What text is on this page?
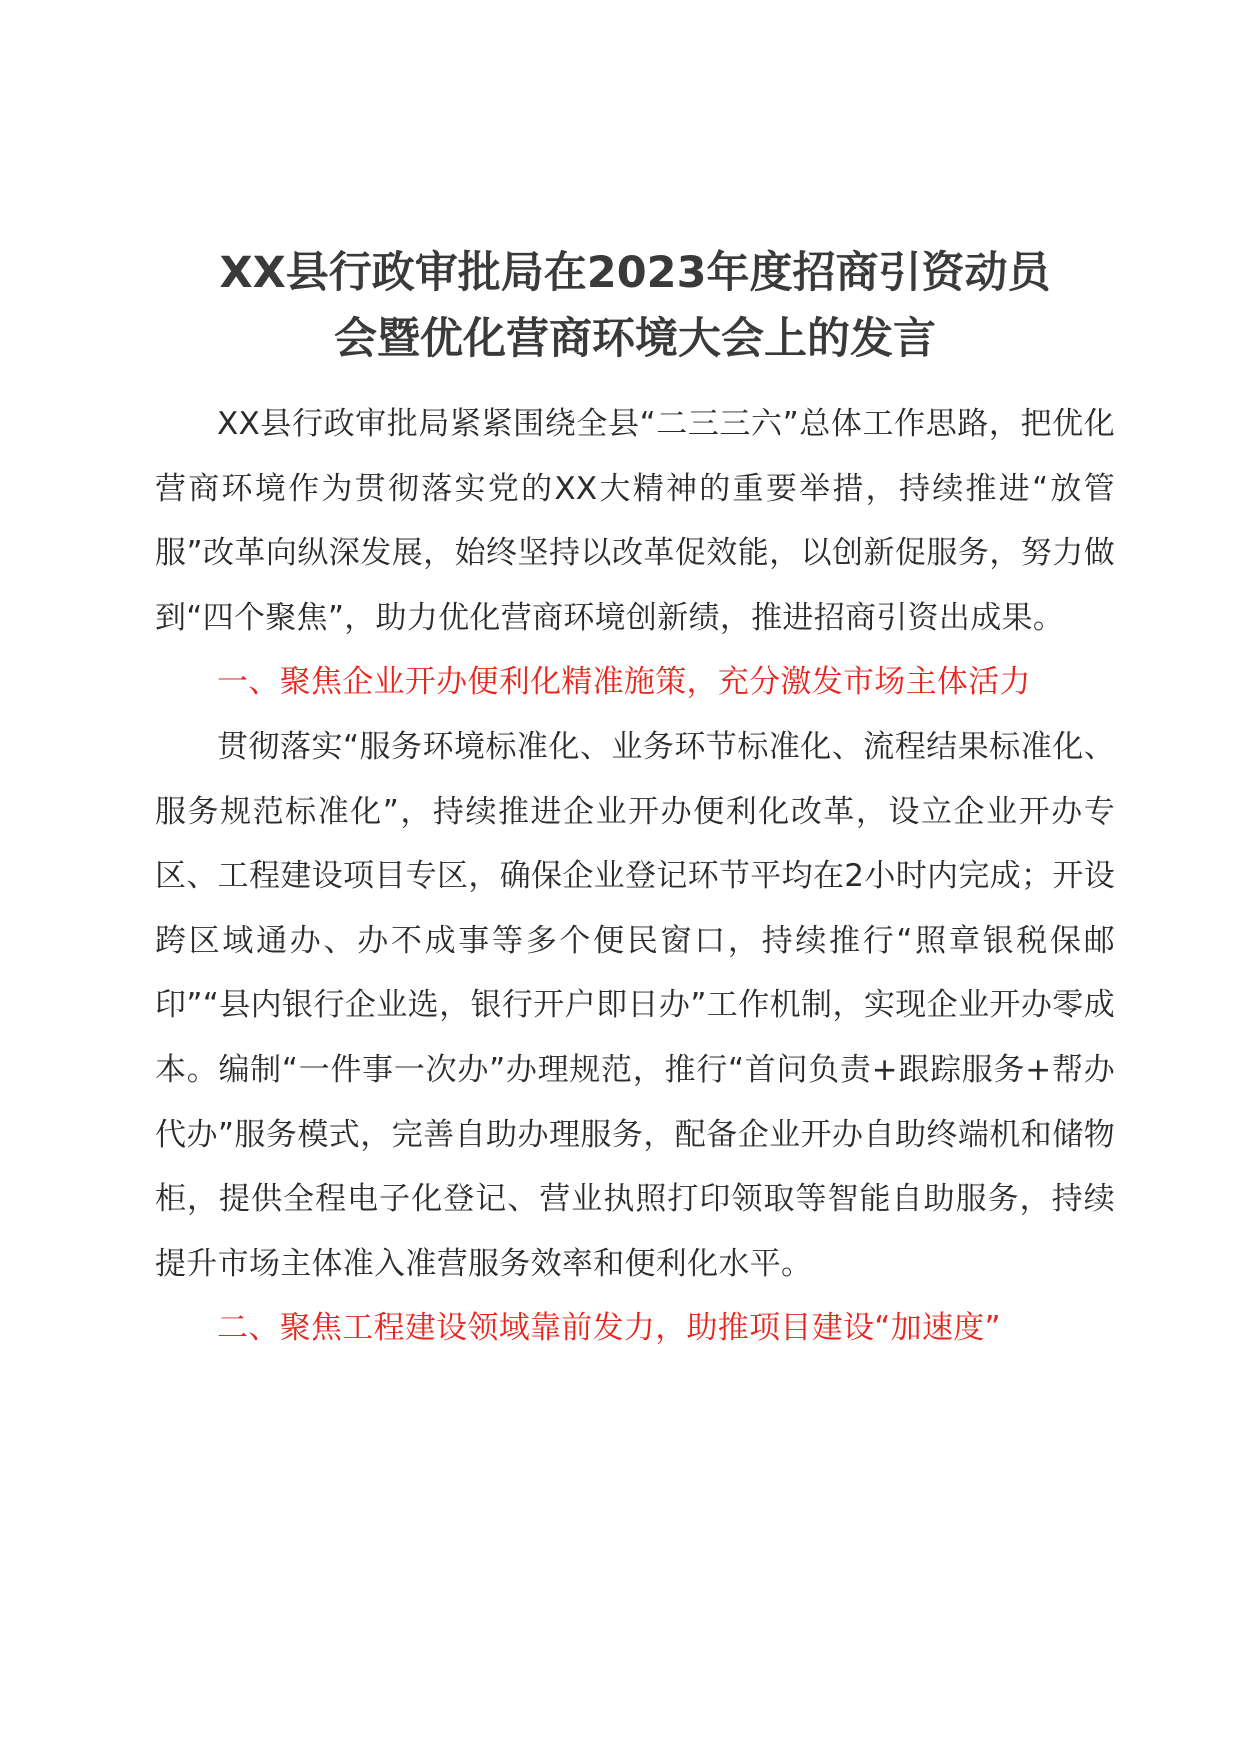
XX县行政审批局在2023年度招商引资动员
会暨优化营商环境大会上的发言

XX县行政审批局紧紧围绕全县“二三三六”总体工作思路，把优化营商环境作为贯彻落实党的XX大精神的重要举措，持续推进“放管服”改革向纵深发展，始终坚持以改革促效能，以创新促服务，努力做到“四个聚焦”，助力优化营商环境创新绩，推进招商引资出成果。

一、聚焦企业开办便利化精准施策，充分激发市场主体活力

贯彻落实“服务环境标准化、业务环节标准化、流程结果标准化、服务规范标准化”，持续推进企业开办便利化改革，设立企业开办专区、工程建设项目专区，确保企业登记环节平均在2小时内完成；开设跨区域通办、办不成事等多个便民窗口，持续推行“照章银税保邮印”“县内银行企业选，银行开户即日办”工作机制，实现企业开办零成本。编制“一件事一次办”办理规范，推行“首问负责+跟踪服务+帮办代办”服务模式，完善自助办理服务，配备企业开办自助终端机和储物柜，提供全程电子化登记、营业执照打印领取等智能自助服务，持续提升市场主体准入准营服务效率和便利化水平。

二、聚焦工程建设领域靠前发力，助推项目建设“加速度”
